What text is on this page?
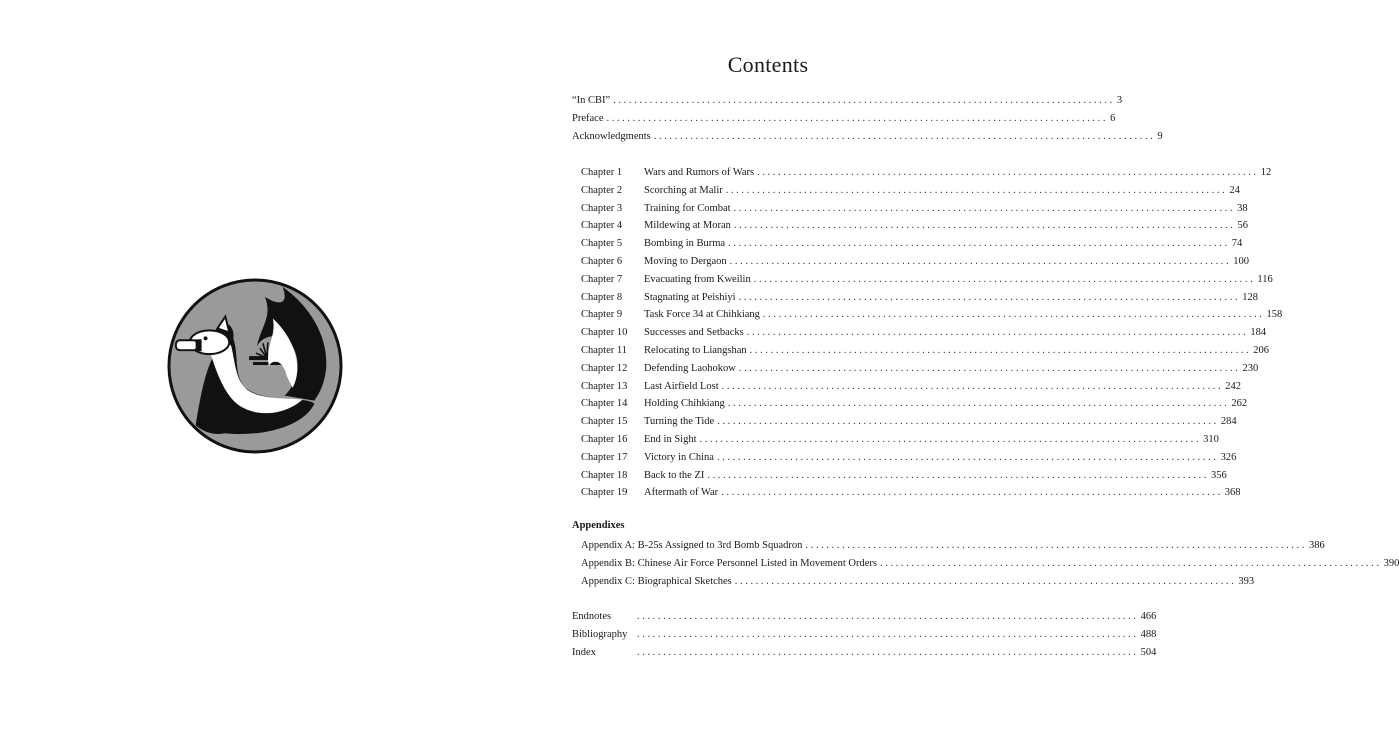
Contents
“In CBI” ................................................................................................ 3
Preface ................................................................................................ 6
Acknowledgments ................................................................................................ 9
Chapter 1 Wars and Rumors of Wars ................................................................................................ 12
Chapter 2 Scorching at Malir ................................................................................................ 24
Chapter 3 Training for Combat ................................................................................................ 38
Chapter 4 Mildewing at Moran ................................................................................................ 56
Chapter 5 Bombing in Burma ................................................................................................ 74
Chapter 6 Moving to Dergaon ................................................................................................ 100
Chapter 7 Evacuating from Kweilin ................................................................................................ 116
Chapter 8 Stagnating at Peishiyi ................................................................................................ 128
Chapter 9 Task Force 34 at Chihkiang ................................................................................................ 158
Chapter 10 Successes and Setbacks ................................................................................................ 184
Chapter 11 Relocating to Liangshan ................................................................................................ 206
Chapter 12 Defending Laohokow ................................................................................................ 230
Chapter 13 Last Airfield Lost ................................................................................................ 242
Chapter 14 Holding Chihkiang ................................................................................................ 262
Chapter 15 Turning the Tide ................................................................................................ 284
Chapter 16 End in Sight ................................................................................................ 310
Chapter 17 Victory in China ................................................................................................ 326
Chapter 18 Back to the ZI ................................................................................................ 356
Chapter 19 Aftermath of War ................................................................................................ 368
Appendixes
Appendix A: B-25s Assigned to 3rd Bomb Squadron ................................................................................................ 386
Appendix B: Chinese Air Force Personnel Listed in Movement Orders ................................................................................................ 390
Appendix C: Biographical Sketches ................................................................................................ 393
Endnotes	................................................................................................ 466
Bibliography ................................................................................................ 488
Index	................................................................................................ 504
